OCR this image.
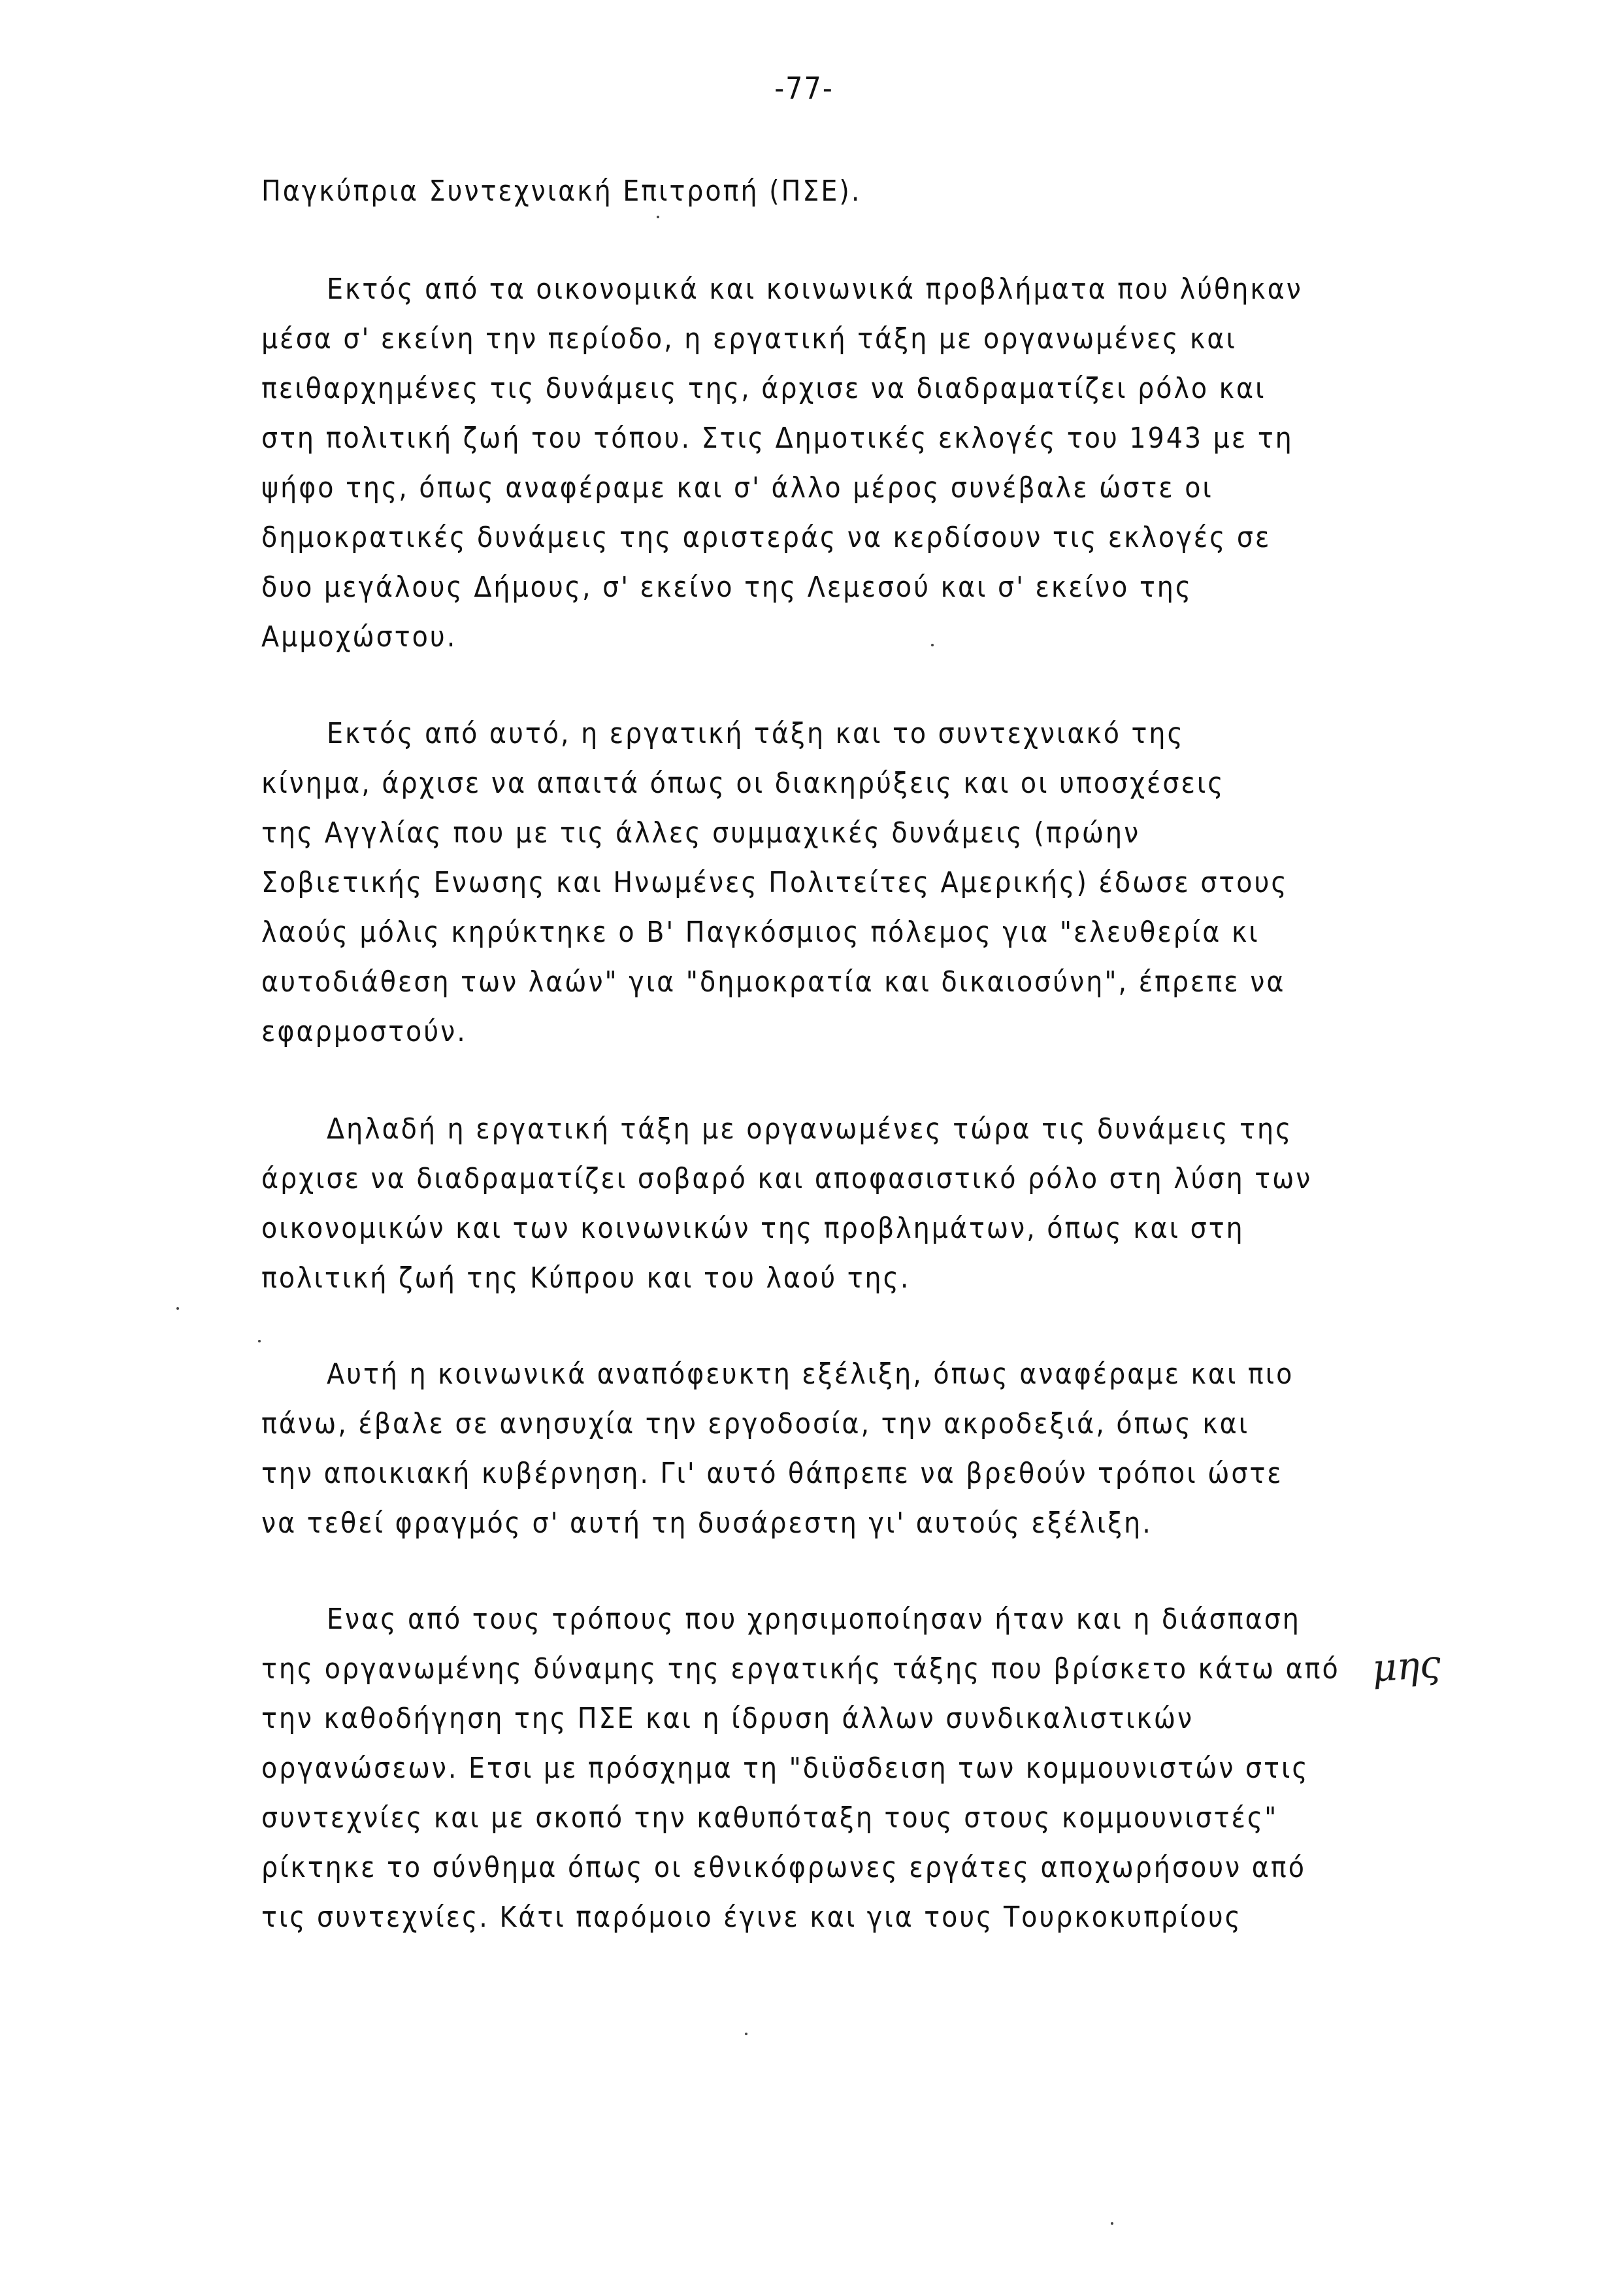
-77-
Παγκύπρια Συντεχνιακή Επιτροπή (ΠΣΕ).
Εκτός από τα οικονομικά και κοινωνικά προβλήματα που λύθηκαν
μέσα σ' εκείνη την περίοδο, η εργατική τάξη με οργανωμένες και
πειθαρχημένες τις δυνάμεις της, άρχισε να διαδραματίζει ρόλο και
στη πολιτική ζωή του τόπου. Στις Δημοτικές εκλογές του 1943 με τη
ψήφο της, όπως αναφέραμε και σ' άλλο μέρος συνέβαλε ώστε οι
δημοκρατικές δυνάμεις της αριστεράς να κερδίσουν τις εκλογές σε
δυο μεγάλους Δήμους, σ' εκείνο της Λεμεσού και σ' εκείνο της
Αμμοχώστου.
Εκτός από αυτό, η εργατική τάξη και το συντεχνιακό της
κίνημα, άρχισε να απαιτά όπως οι διακηρύξεις και οι υποσχέσεις
της Αγγλίας που με τις άλλες συμμαχικές δυνάμεις (πρώην
Σοβιετικής Ενωσης και Ηνωμένες Πολιτείτες Αμερικής) έδωσε στους
λαούς μόλις κηρύκτηκε ο Β' Παγκόσμιος πόλεμος για "ελευθερία κι
αυτοδιάθεση των λαών" για "δημοκρατία και δικαιοσύνη", έπρεπε να
εφαρμοστούν.
Δηλαδή η εργατική τάξη με οργανωμένες τώρα τις δυνάμεις της
άρχισε να διαδραματίζει σοβαρό και αποφασιστικό ρόλο στη λύση των
οικονομικών και των κοινωνικών της προβλημάτων, όπως και στη
πολιτική ζωή της Κύπρου και του λαού της.
Αυτή η κοινωνικά αναπόφευκτη εξέλιξη, όπως αναφέραμε και πιο
πάνω, έβαλε σε ανησυχία την εργοδοσία, την ακροδεξιά, όπως και
την αποικιακή κυβέρνηση. Γι' αυτό θάπρεπε να βρεθούν τρόποι ώστε
να τεθεί φραγμός σ' αυτή τη δυσάρεστη γι' αυτούς εξέλιξη.
Ενας από τους τρόπους που χρησιμοποίησαν ήταν και η διάσπαση
της οργανωμένης δύναμης της εργατικής τάξης που βρίσκετο κάτω από
την καθοδήγηση της ΠΣΕ και η ίδρυση άλλων συνδικαλιστικών
οργανώσεων. Ετσι με πρόσχημα τη "διϋσδειση των κομμουνιστών στις
συντεχνίες και με σκοπό την καθυπόταξη τους στους κομμουνιστές"
ρίκτηκε το σύνθημα όπως οι εθνικόφρωνες εργάτες αποχωρήσουν από
τις συντεχνίες. Κάτι παρόμοιο έγινε και για τους Τουρκοκυπρίους
μης
